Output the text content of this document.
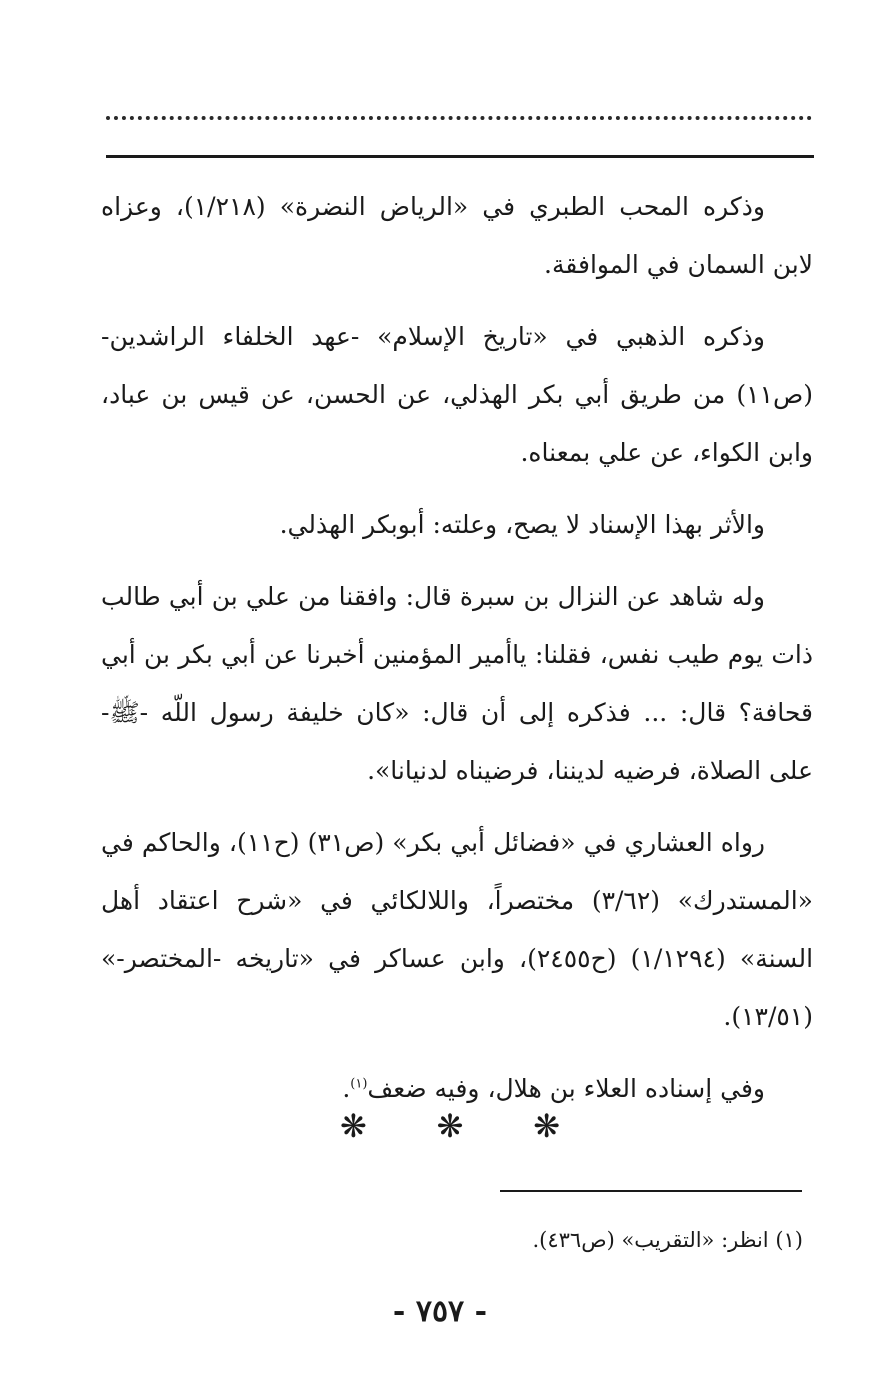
وذكره المحب الطبري في «الرياض النضرة» (١/٢١٨)، وعزاه لابن السمان في الموافقة.

وذكره الذهبي في «تاريخ الإسلام» -عهد الخلفاء الراشدين- (ص١١) من طريق أبي بكر الهذلي، عن الحسن، عن قيس بن عباد، وابن الكواء، عن علي بمعناه.

والأثر بهذا الإسناد لا يصح، وعلته: أبوبكر الهذلي.

وله شاهد عن النزال بن سبرة قال: وافقنا من علي بن أبي طالب ذات يوم طيب نفس، فقلنا: ياأمير المؤمنين أخبرنا عن أبي بكر بن أبي قحافة؟ قال: ... فذكره إلى أن قال: «كان خليفة رسول اللّه -ﷺ- على الصلاة، فرضيه لديننا، فرضيناه لدنيانا».

رواه العشاري في «فضائل أبي بكر» (ص٣١) (ح١١)، والحاكم في «المستدرك» (٣/٦٢) مختصراً، واللالكائي في «شرح اعتقاد أهل السنة» (١/١٢٩٤) (ح٢٤٥٥)، وابن عساكر في «تاريخه -المختصر-» (١٣/٥١).

وفي إسناده العلاء بن هلال، وفيه ضعف$^{(١)}$.

❋ ❋ ❋
(١) انظر: «التقريب» (ص٤٣٦).
- ٧٥٧ -
